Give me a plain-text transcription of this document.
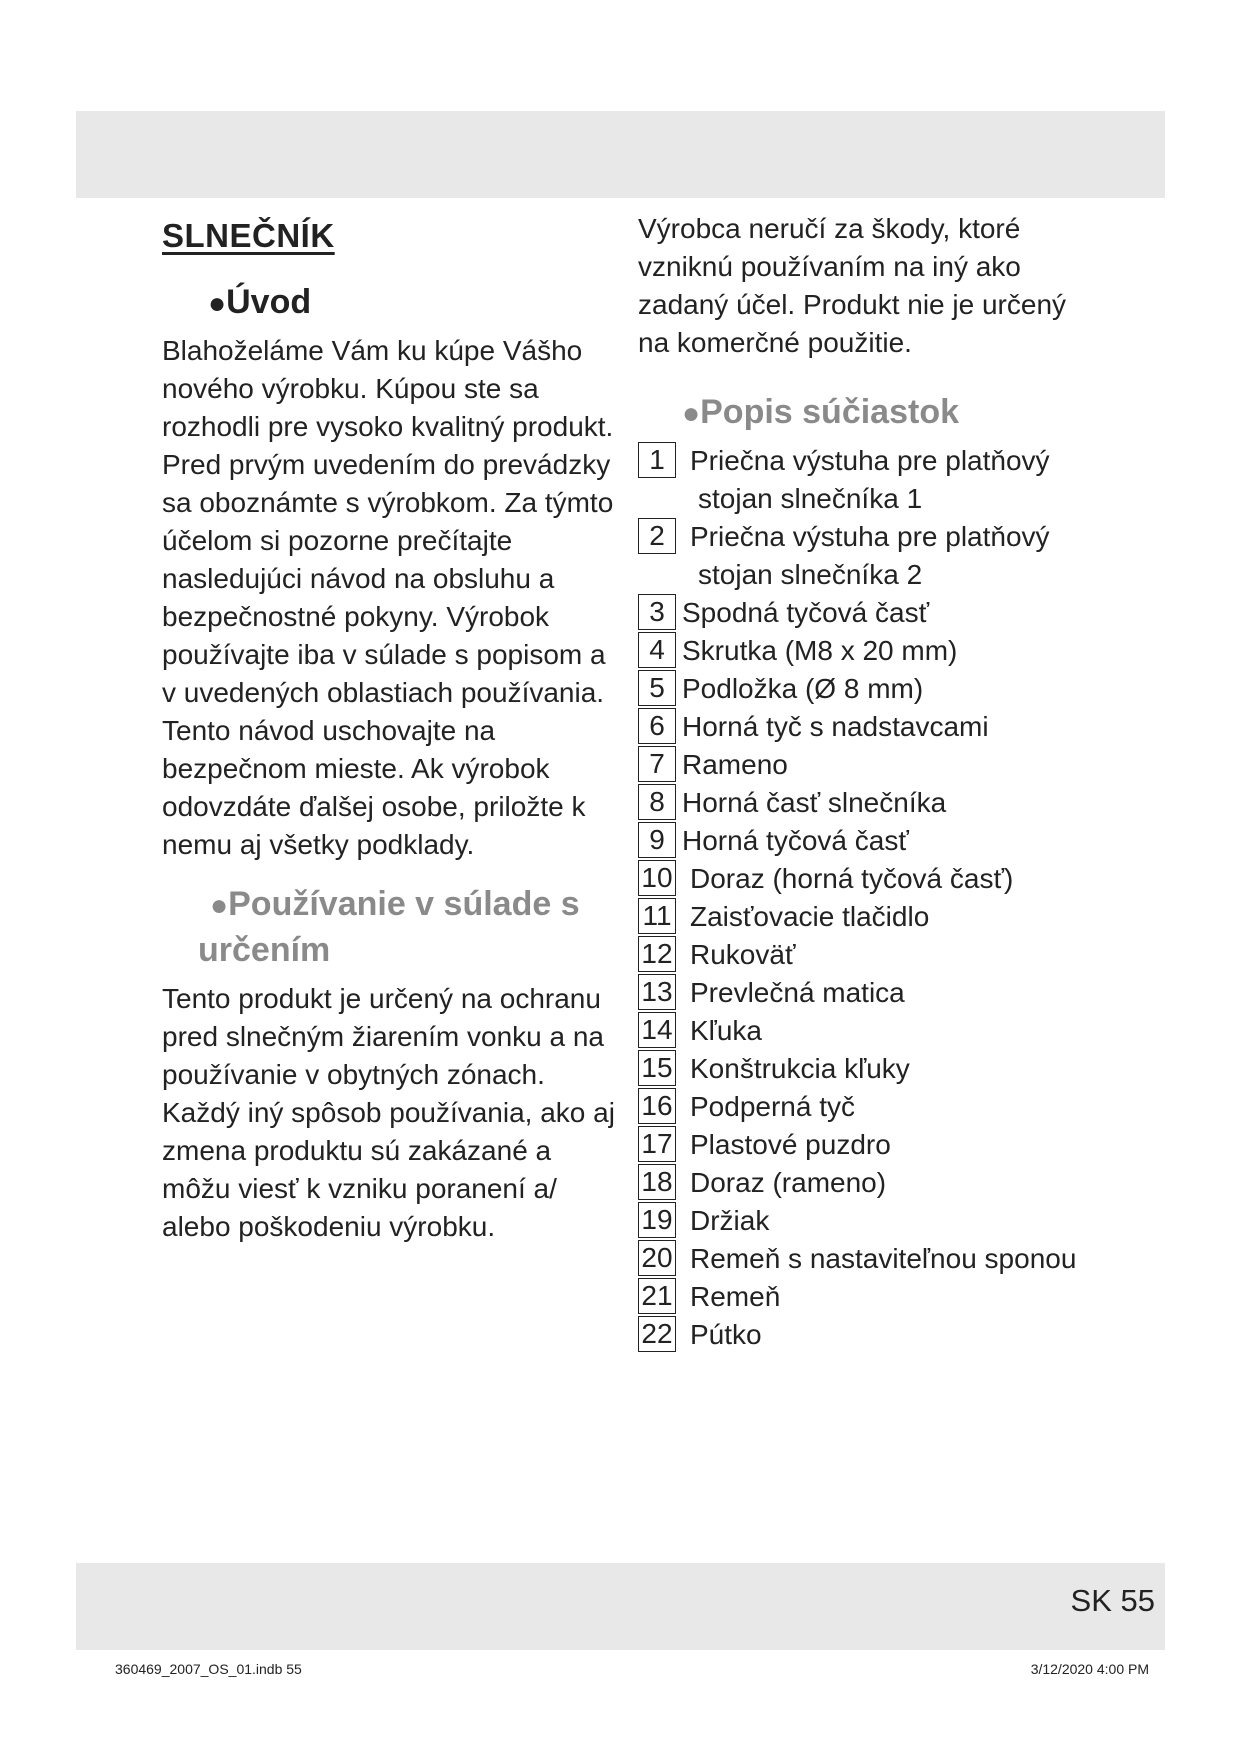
SLNEČNÍK
●Úvod

Blahoželáme Vám ku kúpe Vášho nového výrobku. Kúpou ste sa rozhodli pre vysoko kvalitný produkt. Pred prvým uvedením do prevádzky sa oboznámte s výrobkom. Za týmto účelom si pozorne prečítajte nasledujúci návod na obsluhu a bezpečnostné pokyny. Výrobok používajte iba v súlade s popisom a v uvedených oblastiach používania. Tento návod uschovajte na bezpečnom mieste. Ak výrobok odovzdáte ďalšej osobe, priložte k nemu aj všetky podklady.

●Používanie v súlade s
určením

Tento produkt je určený na ochranu pred slnečným žiarením vonku a na používanie v obytných zónach. Každý iný spôsob používania, ako aj zmena produktu sú zakázané a môžu viesť k vzniku poranení a/ alebo poškodeniu výrobku.

Výrobca neručí za škody, ktoré vzniknú používaním na iný ako zadaný účel. Produkt nie je určený na komerčné použitie.

●Popis súčiastok
1 Priečna výstuha pre platňový
stojan slnečníka 1
2 Priečna výstuha pre platňový
stojan slnečníka 2
3 Spodná tyčová časť
4 Skrutka (M8 x 20 mm)
5 Podložka (Ø 8 mm)
6 Horná tyč s nadstavcami
7 Rameno
8 Horná časť slnečníka
9 Horná tyčová časť
10 Doraz (horná tyčová časť)
11 Zaisťovacie tlačidlo
12 Rukoväť
13 Prevlečná matica
14 Kľuka
15 Konštrukcia kľuky
16 Podperná tyč
17 Plastové puzdro
18 Doraz (rameno)
19 Držiak
20 Remeň s nastaviteľnou sponou
21 Remeň
22 Pútko
SK 55
360469_2007_OS_01.indb 55	3/12/2020 4:00 PM
